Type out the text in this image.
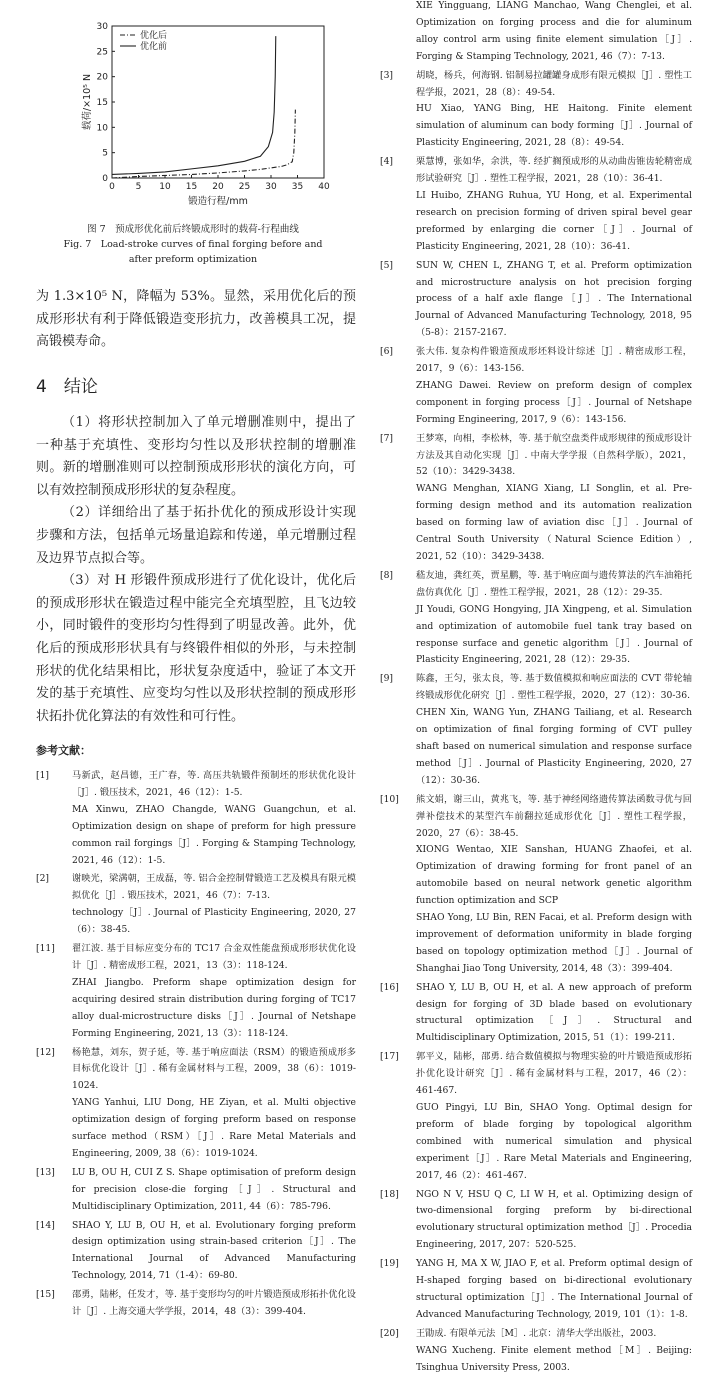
0 5 10 15 20 25 30 35 40
0
5
10
15
20
25
30
锻造行程/mm
载荷/×10⁵ N
优化后
优化前
图 7　预成形优化前后终锻成形时的载荷-行程曲线
Fig. 7　Load-stroke curves of final forging before and
after preform optimization

为 1.3×10⁵ N，降幅为 53%。显然，采用优化后的预成形形状有利于降低锻造变形抗力，改善模具工况，提高锻模寿命。

4　结论

（1）将形状控制加入了单元增删准则中，提出了一种基于充填性、变形均匀性以及形状控制的增删准则。新的增删准则可以控制预成形形状的演化方向，可以有效控制预成形形状的复杂程度。

（2）详细给出了基于拓扑优化的预成形设计实现步骤和方法，包括单元场量追踪和传递，单元增删过程及边界节点拟合等。

（3）对 H 形锻件预成形进行了优化设计，优化后的预成形形状在锻造过程中能完全充填型腔，且飞边较小，同时锻件的变形均匀性得到了明显改善。此外，优化后的预成形形状具有与终锻件相似的外形，与未控制形状的优化结果相比，形状复杂度适中，验证了本文开发的基于充填性、应变均匀性以及形状控制的预成形形状拓扑优化算法的有效性和可行性。

参考文献：
[1]	马新武，赵昌德，王广春，等. 高压共轨锻件预制坯的形状优化设计［J］. 锻压技术，2021，46（12）：1-5.
MA Xinwu, ZHAO Changde, WANG Guangchun, et al. Optimization design on shape of preform for high pressure common rail forgings［J］. Forging & Stamping Technology, 2021, 46（12）：1-5.
[2]	谢映光，梁满朝，王成磊，等. 铝合金控制臂锻造工艺及模具有限元模拟优化［J］. 锻压技术，2021，46（7）：7-13.
technology［J］. Journal of Plasticity Engineering, 2020, 27（6）：38-45.
[11]	翟江波. 基于目标应变分布的 TC17 合金双性能盘预成形形状优化设计［J］. 精密成形工程，2021，13（3）：118-124.
ZHAI Jiangbo. Preform shape optimization design for acquiring desired strain distribution during forging of TC17 alloy dual-microstructure disks［J］. Journal of Netshape Forming Engineering, 2021, 13（3）：118-124.
[12]	杨艳慧，刘东，贺子延，等. 基于响应面法（RSM）的锻造预成形多目标优化设计［J］. 稀有金属材料与工程，2009，38（6）：1019-1024.
YANG Yanhui, LIU Dong, HE Ziyan, et al. Multi objective optimization design of forging preform based on response surface method（RSM）［J］. Rare Metal Materials and Engineering, 2009, 38（6）：1019-1024.
[13]	LU B, OU H, CUI Z S. Shape optimisation of preform design for precision close-die forging［J］. Structural and Multidisciplinary Optimization, 2011, 44（6）：785-796.
[14]	SHAO Y, LU B, OU H, et al. Evolutionary forging preform design optimization using strain-based criterion［J］. The International Journal of Advanced Manufacturing Technology, 2014, 71（1-4）：69-80.
[15]	邵勇，陆彬，任发才，等. 基于变形均匀的叶片锻造预成形拓扑优化设计［J］. 上海交通大学学报，2014，48（3）：399-404.
XIE Yingguang, LIANG Manchao, Wang Chenglei, et al. Optimization on forging process and die for aluminum alloy control arm using finite element simulation［J］. Forging & Stamping Technology, 2021, 46（7）：7-13.
[3]	胡晓，杨兵，何海钢. 铝制易拉罐罐身成形有限元模拟［J］. 塑性工程学报，2021，28（8）：49-54.
HU Xiao, YANG Bing, HE Haitong. Finite element simulation of aluminum can body forming［J］. Journal of Plasticity Engineering, 2021, 28（8）：49-54.
[4]	栗慧博，张如华，余洪，等. 经扩搁预成形的从动曲齿锥齿轮精密成形试验研究［J］. 塑性工程学报，2021，28（10）：36-41.
LI Huibo, ZHANG Ruhua, YU Hong, et al. Experimental research on precision forming of driven spiral bevel gear preformed by enlarging die corner［J］. Journal of Plasticity Engineering, 2021, 28（10）：36-41.
[5]	SUN W, CHEN L, ZHANG T, et al. Preform optimization and microstructure analysis on hot precision forging process of a half axle flange［J］. The International Journal of Advanced Manufacturing Technology, 2018, 95（5-8）：2157-2167.
[6]	张大伟. 复杂构件锻造预成形坯料设计综述［J］. 精密成形工程，2017，9（6）：143-156.
ZHANG Dawei. Review on preform design of complex component in forging process［J］. Journal of Netshape Forming Engineering, 2017, 9（6）：143-156.
[7]	王梦寒，向相，李松林，等. 基于航空盘类件成形规律的预成形设计方法及其自动化实现［J］. 中南大学学报（自然科学版），2021，52（10）：3429-3438.
WANG Menghan, XIANG Xiang, LI Songlin, et al. Pre-forming design method and its automation realization based on forming law of aviation disc［J］. Journal of Central South University（Natural Science Edition）, 2021, 52（10）：3429-3438.
[8]	嵇友迪，龚红英，贾星鹏，等. 基于响应面与遗传算法的汽车油箱托盘仿真优化［J］. 塑性工程学报，2021，28（12）：29-35.
JI Youdi, GONG Hongying, JIA Xingpeng, et al. Simulation and optimization of automobile fuel tank tray based on response surface and genetic algorithm［J］. Journal of Plasticity Engineering, 2021, 28（12）：29-35.
[9]	陈鑫，王匀，张太良，等. 基于数值模拟和响应面法的 CVT 带轮轴终锻成形优化研究［J］. 塑性工程学报，2020，27（12）：30-36.
CHEN Xin, WANG Yun, ZHANG Tailiang, et al. Research on optimization of final forging forming of CVT pulley shaft based on numerical simulation and response surface method［J］. Journal of Plasticity Engineering, 2020, 27（12）：30-36.
[10]	熊文娟，谢三山，黄兆飞，等. 基于神经网络遗传算法函数寻优与回弹补偿技术的某型汽车前翻拉延成形优化［J］. 塑性工程学报，2020，27（6）：38-45.
XIONG Wentao, XIE Sanshan, HUANG Zhaofei, et al. Optimization of drawing forming for front panel of an automobile based on neural network genetic algorithm function optimization and SCP
SHAO Yong, LU Bin, REN Facai, et al. Preform design with improvement of deformation uniformity in blade forging based on topology optimization method［J］. Journal of Shanghai Jiao Tong University, 2014, 48（3）：399-404.
[16]	SHAO Y, LU B, OU H, et al. A new approach of preform design for forging of 3D blade based on evolutionary structural optimization［J］. Structural and Multidisciplinary Optimization, 2015, 51（1）：199-211.
[17]	郭平义，陆彬，邵勇. 结合数值模拟与物理实验的叶片锻造预成形拓扑优化设计研究［J］. 稀有金属材料与工程，2017，46（2）：461-467.
GUO Pingyi, LU Bin, SHAO Yong. Optimal design for preform of blade forging by topological algorithm combined with numerical simulation and physical experiment［J］. Rare Metal Materials and Engineering, 2017, 46（2）：461-467.
[18]	NGO N V, HSU Q C, LI W H, et al. Optimizing design of two-dimensional forging preform by bi-directional evolutionary structural optimization method［J］. Procedia Engineering, 2017, 207：520-525.
[19]	YANG H, MA X W, JIAO F, et al. Preform optimal design of H-shaped forging based on bi-directional evolutionary structural optimization［J］. The International Journal of Advanced Manufacturing Technology, 2019, 101（1）：1-8.
[20]	王勖成. 有限单元法［M］. 北京：清华大学出版社，2003.
WANG Xucheng. Finite element method［M］. Beijing: Tsinghua University Press, 2003.
